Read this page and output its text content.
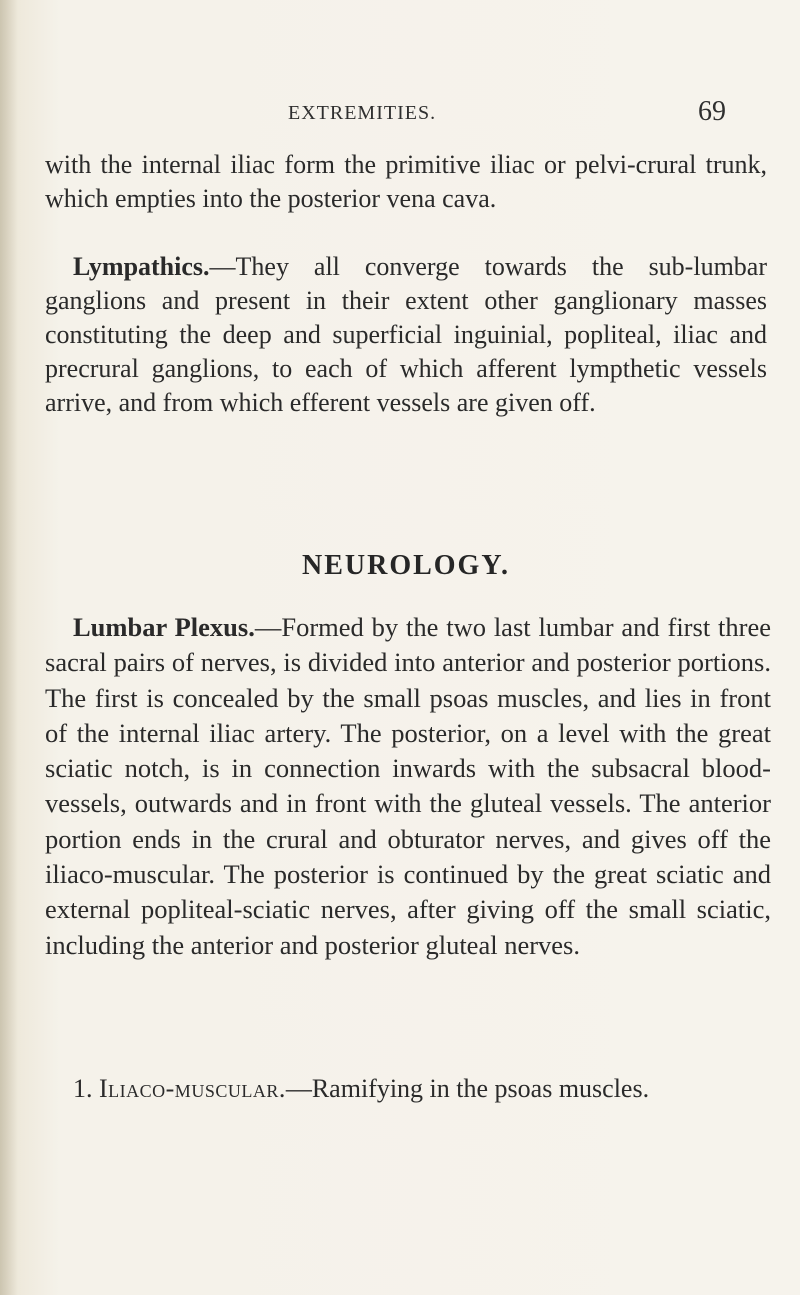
EXTREMITIES.	69

with the internal iliac form the primitive iliac or pelvi-crural trunk, which empties into the posterior vena cava.

Lympathics.—They all converge towards the sub-lumbar ganglions and present in their extent other ganglionary masses constituting the deep and superficial inguinial, popliteal, iliac and precrural ganglions, to each of which afferent lympthetic vessels arrive, and from which efferent vessels are given off.

NEUROLOGY.

Lumbar Plexus.—Formed by the two last lumbar and first three sacral pairs of nerves, is divided into anterior and posterior portions. The first is concealed by the small psoas muscles, and lies in front of the internal iliac artery. The posterior, on a level with the great sciatic notch, is in connection inwards with the subsacral blood-vessels, outwards and in front with the gluteal vessels. The anterior portion ends in the crural and obturator nerves, and gives off the iliaco-muscular. The posterior is continued by the great sciatic and external popliteal-sciatic nerves, after giving off the small sciatic, including the anterior and posterior gluteal nerves.

1. Iliaco-muscular.—Ramifying in the psoas muscles.
